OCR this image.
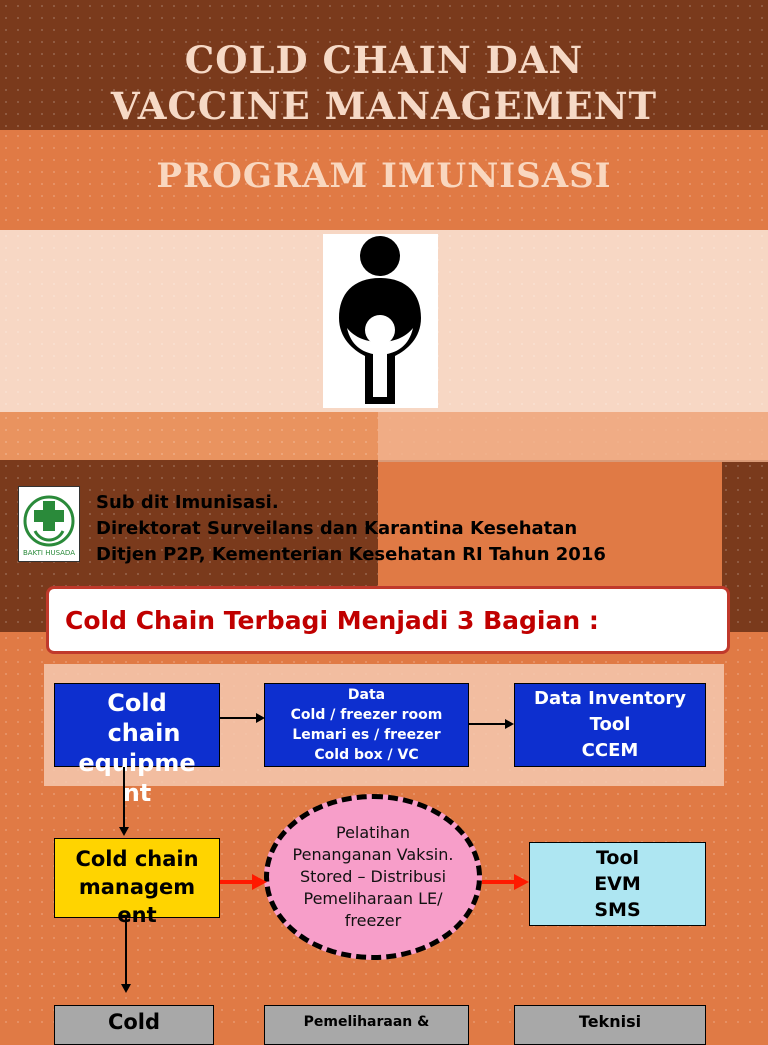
COLD CHAIN DAN
VACCINE MANAGEMENT
PROGRAM IMUNISASI
BAKTI HUSADA
Sub dit Imunisasi.
Direktorat Surveilans dan Karantina Kesehatan
Ditjen P2P, Kementerian Kesehatan RI Tahun 2016
Cold Chain Terbagi Menjadi 3 Bagian :
Cold
chain
equipme
nt
Data
Cold / freezer room
Lemari es / freezer
Cold box / VC
Data Inventory
Tool
CCEM
Cold chain
managem
ent
Pelatihan
Penanganan Vaksin.
Stored – Distribusi
Pemeliharaan LE/
freezer
Tool
EVM
SMS
Cold	Pemeliharaan &	Teknisi
